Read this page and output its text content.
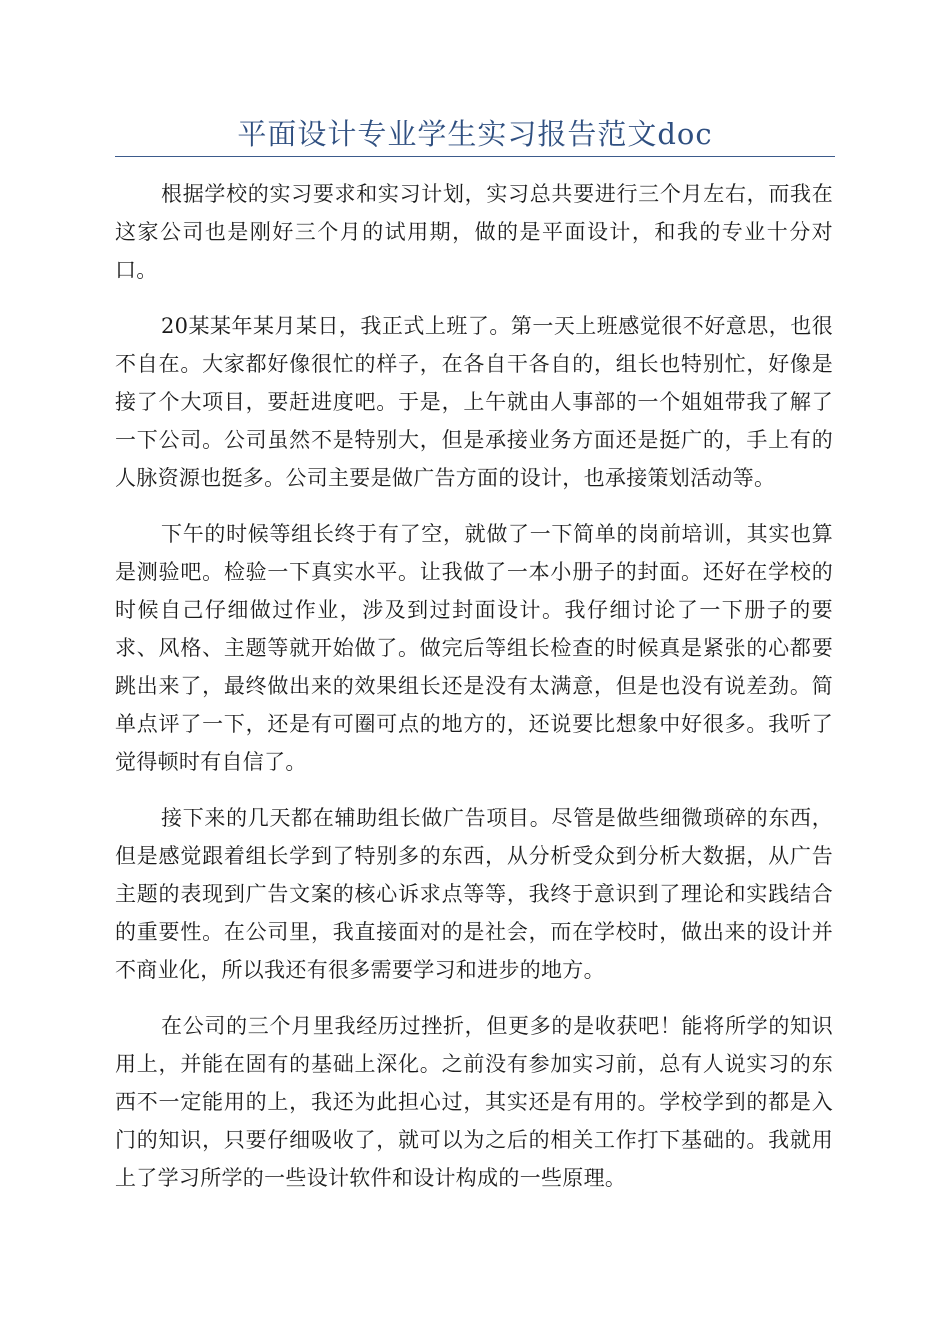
平面设计专业学生实习报告范文doc

根据学校的实习要求和实习计划，实习总共要进行三个月左右，而我在这家公司也是刚好三个月的试用期，做的是平面设计，和我的专业十分对口。

20某某年某月某日，我正式上班了。第一天上班感觉很不好意思，也很不自在。大家都好像很忙的样子，在各自干各自的，组长也特别忙，好像是接了个大项目，要赶进度吧。于是，上午就由人事部的一个姐姐带我了解了一下公司。公司虽然不是特别大，但是承接业务方面还是挺广的，手上有的人脉资源也挺多。公司主要是做广告方面的设计，也承接策划活动等。

下午的时候等组长终于有了空，就做了一下简单的岗前培训，其实也算是测验吧。检验一下真实水平。让我做了一本小册子的封面。还好在学校的时候自己仔细做过作业，涉及到过封面设计。我仔细讨论了一下册子的要求、风格、主题等就开始做了。做完后等组长检查的时候真是紧张的心都要跳出来了，最终做出来的效果组长还是没有太满意，但是也没有说差劲。简单点评了一下，还是有可圈可点的地方的，还说要比想象中好很多。我听了觉得顿时有自信了。

接下来的几天都在辅助组长做广告项目。尽管是做些细微琐碎的东西，但是感觉跟着组长学到了特别多的东西，从分析受众到分析大数据，从广告主题的表现到广告文案的核心诉求点等等，我终于意识到了理论和实践结合的重要性。在公司里，我直接面对的是社会，而在学校时，做出来的设计并不商业化，所以我还有很多需要学习和进步的地方。

在公司的三个月里我经历过挫折，但更多的是收获吧！能将所学的知识用上，并能在固有的基础上深化。之前没有参加实习前，总有人说实习的东西不一定能用的上，我还为此担心过，其实还是有用的。学校学到的都是入门的知识，只要仔细吸收了，就可以为之后的相关工作打下基础的。我就用上了学习所学的一些设计软件和设计构成的一些原理。
